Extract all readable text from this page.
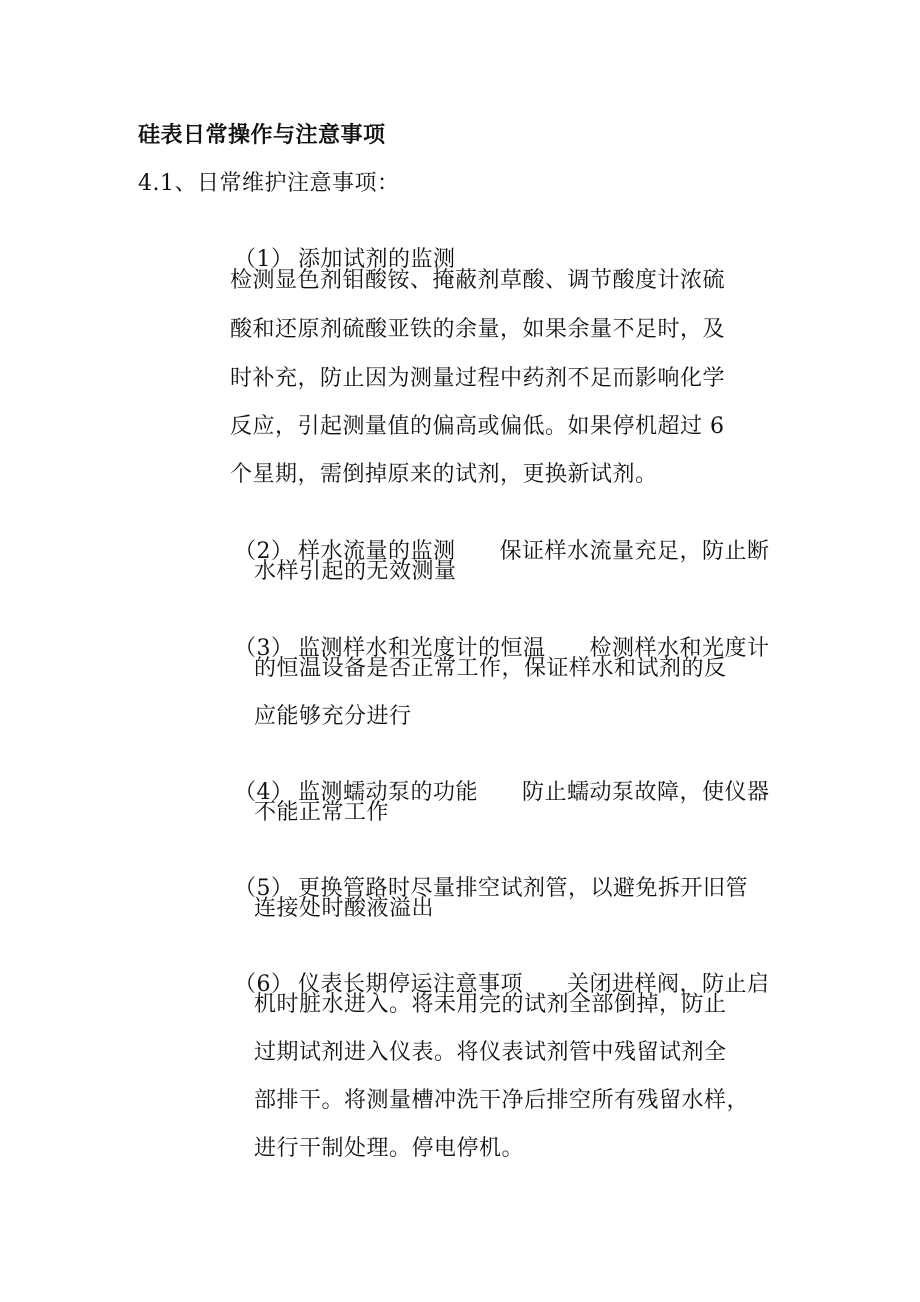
硅表日常操作与注意事项
4.1、日常维护注意事项：

（1） 添加试剂的监测

检测显色剂钼酸铵、掩蔽剂草酸、调节酸度计浓硫
酸和还原剂硫酸亚铁的余量，如果余量不足时，及
时补充，防止因为测量过程中药剂不足而影响化学
反应，引起测量值的偏高或偏低。如果停机超过 6
个星期，需倒掉原来的试剂，更换新试剂。

（2） 样水流量的监测 保证样水流量充足，防止断

水样引起的无效测量

（3） 监测样水和光度计的恒温 检测样水和光度计

的恒温设备是否正常工作，保证样水和试剂的反
应能够充分进行

（4） 监测蠕动泵的功能 防止蠕动泵故障，使仪器

不能正常工作

（5） 更换管路时尽量排空试剂管，以避免拆开旧管

连接处时酸液溢出

（6） 仪表长期停运注意事项 关闭进样阀，防止启

机时脏水进入。将未用完的试剂全部倒掉，防止
过期试剂进入仪表。将仪表试剂管中残留试剂全
部排干。将测量槽冲洗干净后排空所有残留水样，
进行干制处理。停电停机。
